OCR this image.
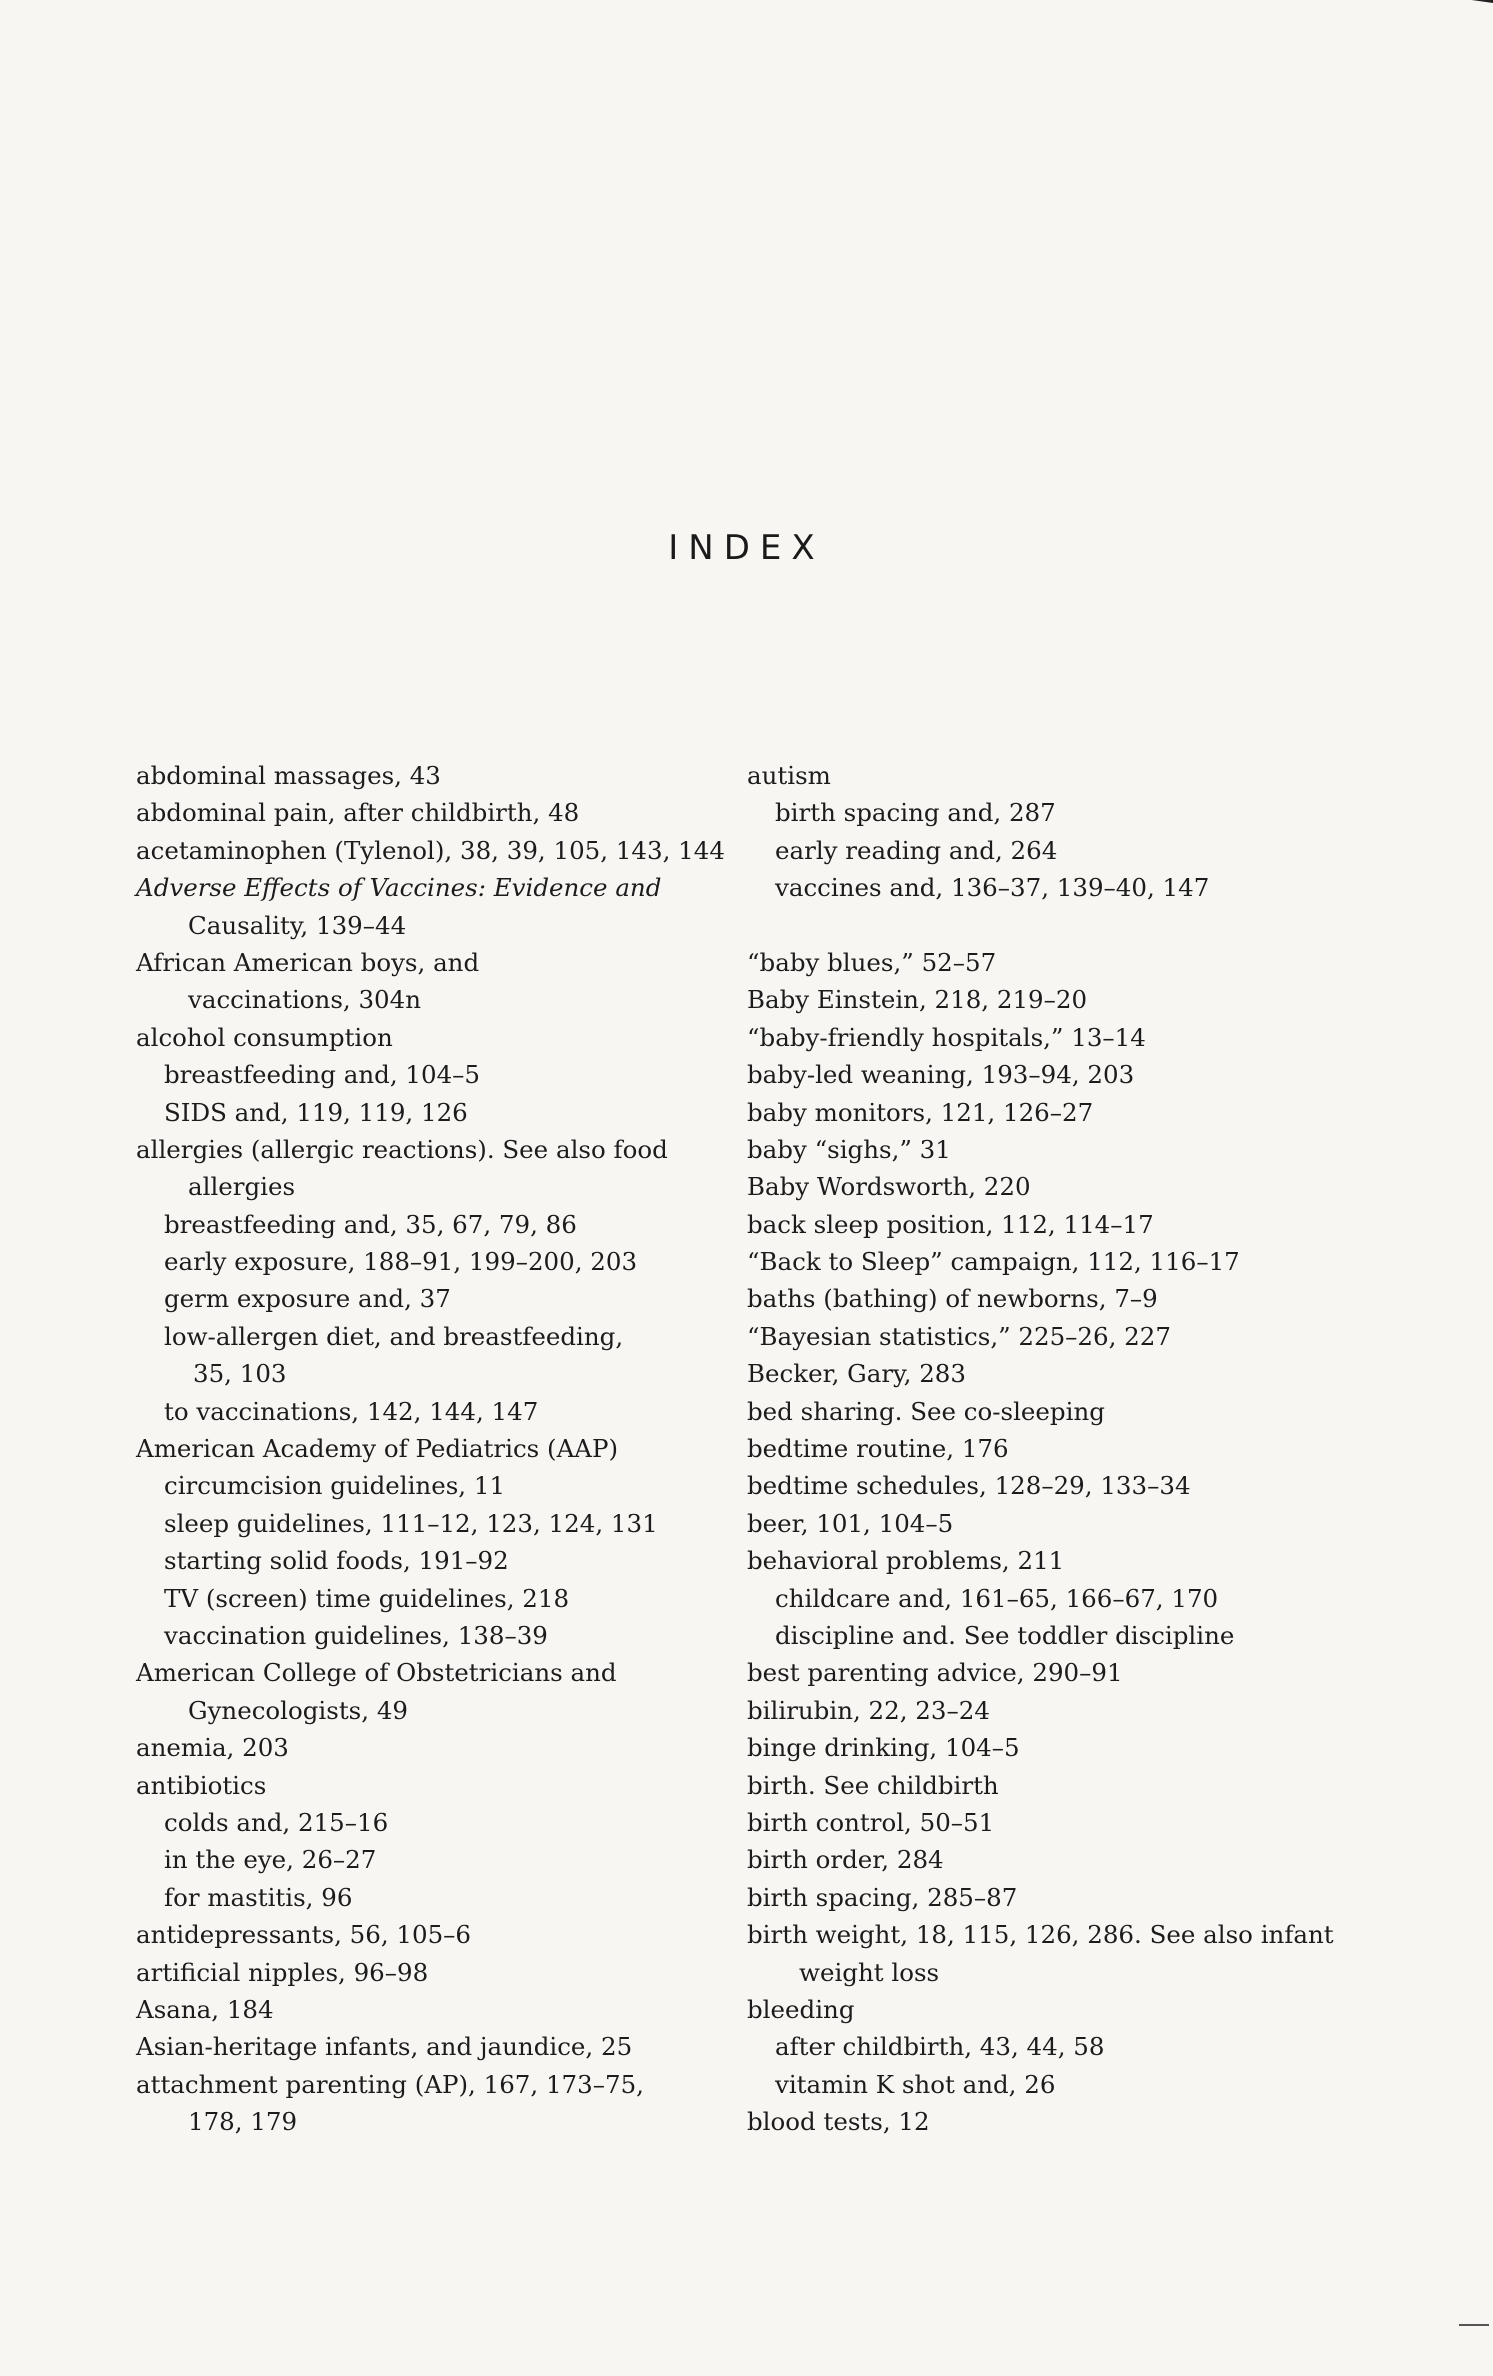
INDEX
abdominal massages, 43
abdominal pain, after childbirth, 48
acetaminophen (Tylenol), 38, 39, 105, 143, 144
Adverse Effects of Vaccines: Evidence and
Causality, 139–44
African American boys, and
vaccinations, 304n
alcohol consumption
breastfeeding and, 104–5
SIDS and, 119, 119, 126
allergies (allergic reactions). See also food
allergies
breastfeeding and, 35, 67, 79, 86
early exposure, 188–91, 199–200, 203
germ exposure and, 37
low-allergen diet, and breastfeeding,
35, 103
to vaccinations, 142, 144, 147
American Academy of Pediatrics (AAP)
circumcision guidelines, 11
sleep guidelines, 111–12, 123, 124, 131
starting solid foods, 191–92
TV (screen) time guidelines, 218
vaccination guidelines, 138–39
American College of Obstetricians and
Gynecologists, 49
anemia, 203
antibiotics
colds and, 215–16
in the eye, 26–27
for mastitis, 96
antidepressants, 56, 105–6
artificial nipples, 96–98
Asana, 184
Asian-heritage infants, and jaundice, 25
attachment parenting (AP), 167, 173–75,
178, 179
autism
birth spacing and, 287
early reading and, 264
vaccines and, 136–37, 139–40, 147
“baby blues,” 52–57
Baby Einstein, 218, 219–20
“baby-friendly hospitals,” 13–14
baby-led weaning, 193–94, 203
baby monitors, 121, 126–27
baby “sighs,” 31
Baby Wordsworth, 220
back sleep position, 112, 114–17
“Back to Sleep” campaign, 112, 116–17
baths (bathing) of newborns, 7–9
“Bayesian statistics,” 225–26, 227
Becker, Gary, 283
bed sharing. See co-sleeping
bedtime routine, 176
bedtime schedules, 128–29, 133–34
beer, 101, 104–5
behavioral problems, 211
childcare and, 161–65, 166–67, 170
discipline and. See toddler discipline
best parenting advice, 290–91
bilirubin, 22, 23–24
binge drinking, 104–5
birth. See childbirth
birth control, 50–51
birth order, 284
birth spacing, 285–87
birth weight, 18, 115, 126, 286. See also infant
weight loss
bleeding
after childbirth, 43, 44, 58
vitamin K shot and, 26
blood tests, 12
